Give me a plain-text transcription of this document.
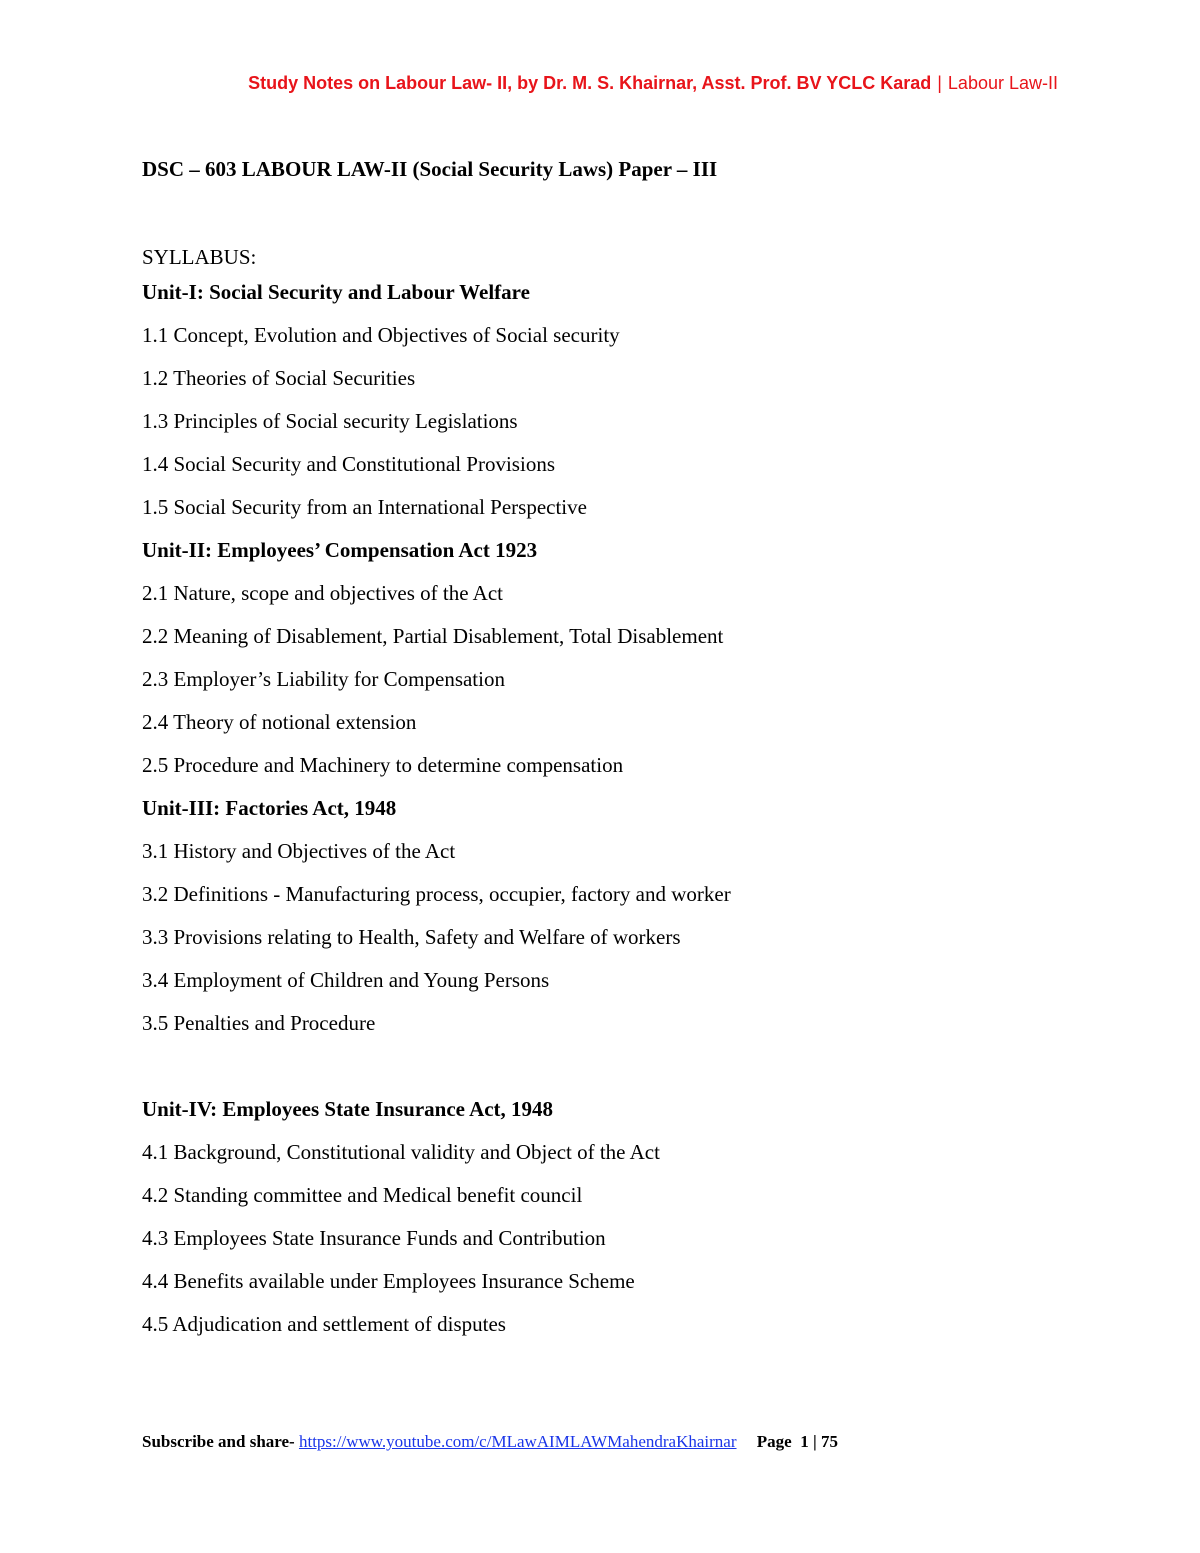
Study Notes on Labour Law- II, by Dr. M. S. Khairnar, Asst. Prof. BV YCLC Karad | Labour Law-II
DSC – 603 LABOUR LAW-II (Social Security Laws) Paper – III
SYLLABUS:
Unit-I: Social Security and Labour Welfare
1.1 Concept, Evolution and Objectives of Social security
1.2 Theories of Social Securities
1.3 Principles of Social security Legislations
1.4 Social Security and Constitutional Provisions
1.5 Social Security from an International Perspective
Unit-II: Employees’ Compensation Act 1923
2.1 Nature, scope and objectives of the Act
2.2 Meaning of Disablement, Partial Disablement, Total Disablement
2.3 Employer’s Liability for Compensation
2.4 Theory of notional extension
2.5 Procedure and Machinery to determine compensation
Unit-III: Factories Act, 1948
3.1 History and Objectives of the Act
3.2 Definitions - Manufacturing process, occupier, factory and worker
3.3 Provisions relating to Health, Safety and Welfare of workers
3.4 Employment of Children and Young Persons
3.5 Penalties and Procedure
Unit-IV: Employees State Insurance Act, 1948
4.1 Background, Constitutional validity and Object of the Act
4.2 Standing committee and Medical benefit council
4.3 Employees State Insurance Funds and Contribution
4.4 Benefits available under Employees Insurance Scheme
4.5 Adjudication and settlement of disputes
Subscribe and share- https://www.youtube.com/c/MLawAIMLAWMahendraKhairnar Page 1 | 75
